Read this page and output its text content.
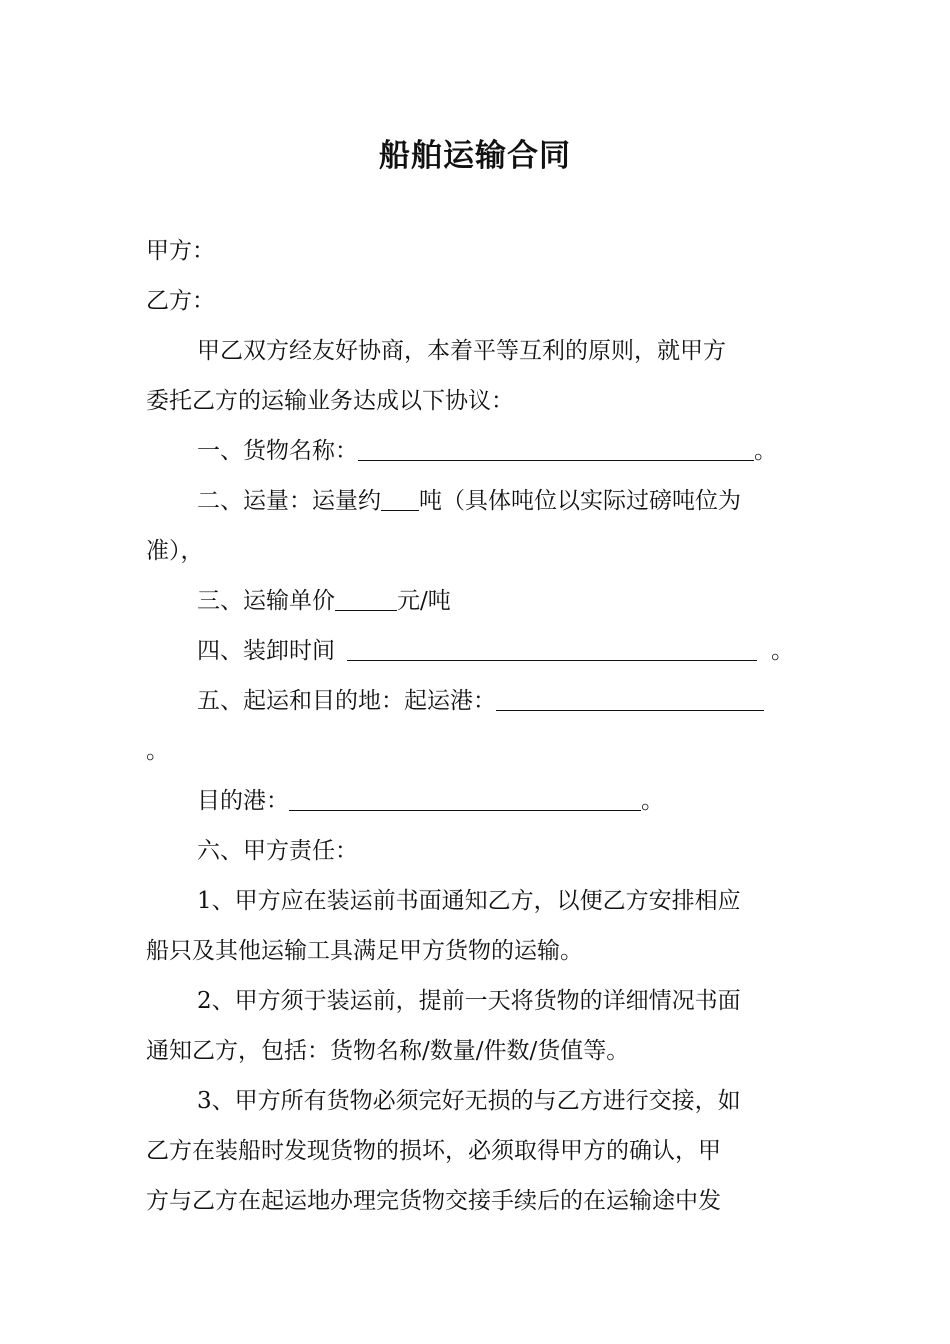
船舶运输合同
甲方：
乙方：
甲乙双方经友好协商，本着平等互利的原则，就甲方
委托乙方的运输业务达成以下协议：
一、货物名称：	。
二、运量：运量约 吨（具体吨位以实际过磅吨位为
准），
三、运输单价	元/吨
四、装卸时间	。
五、起运和目的地：起运港：
。
目的港：	。
六、甲方责任：
1、甲方应在装运前书面通知乙方，以便乙方安排相应
船只及其他运输工具满足甲方货物的运输。
2、甲方须于装运前，提前一天将货物的详细情况书面
通知乙方，包括：货物名称/数量/件数/货值等。
3、甲方所有货物必须完好无损的与乙方进行交接，如
乙方在装船时发现货物的损坏，必须取得甲方的确认，甲
方与乙方在起运地办理完货物交接手续后的在运输途中发
